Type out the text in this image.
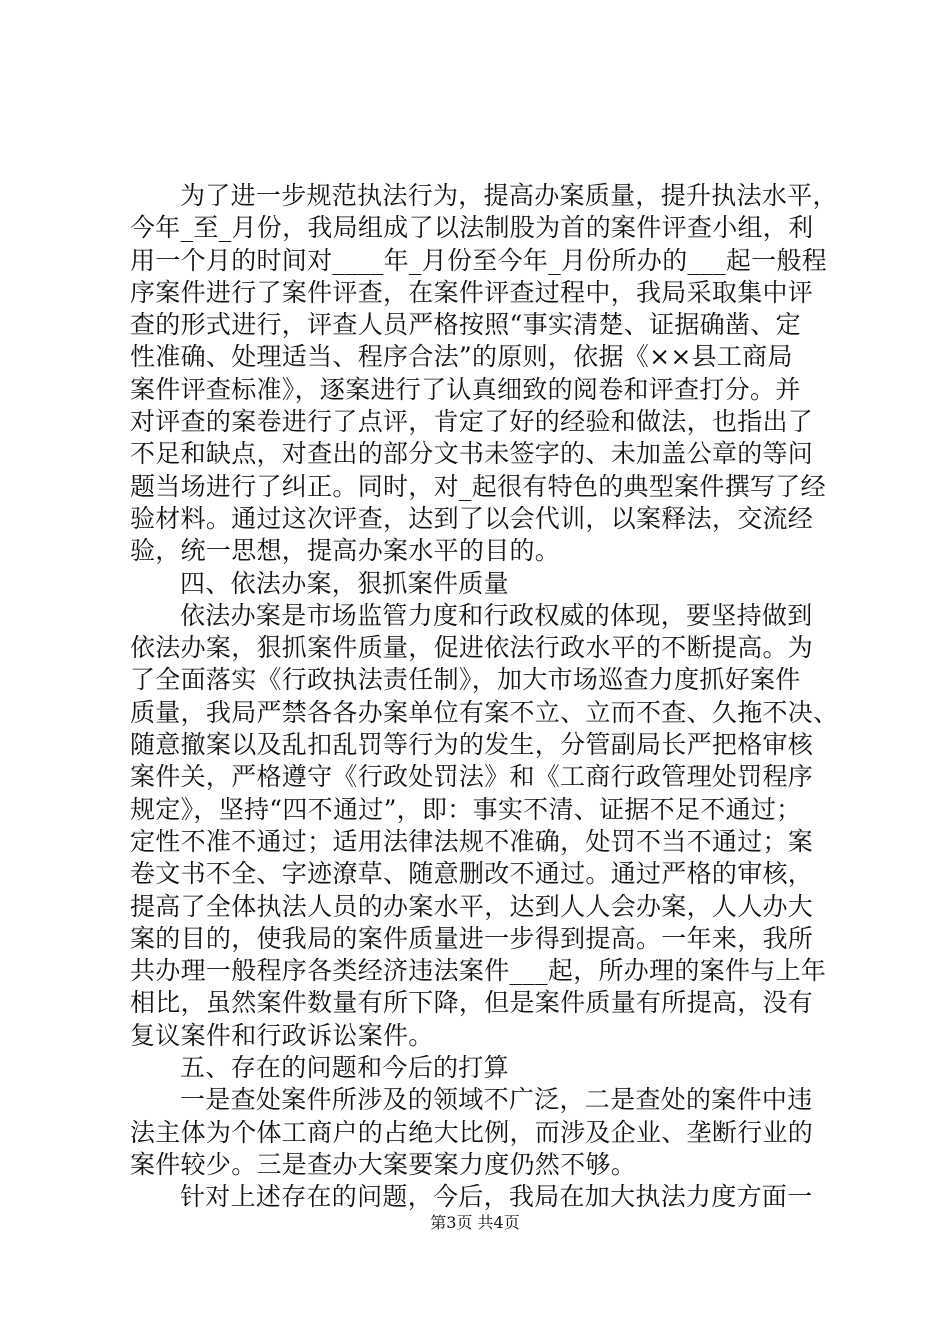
为了进一步规范执法行为，提高办案质量，提升执法水平，
今年_至_月份，我局组成了以法制股为首的案件评查小组，利
用一个月的时间对____年_月份至今年_月份所办的___起一般程
序案件进行了案件评查，在案件评查过程中，我局采取集中评
查的形式进行，评查人员严格按照“事实清楚、证据确凿、定
性准确、处理适当、程序合法”的原则，依据《××县工商局
案件评查标准》，逐案进行了认真细致的阅卷和评查打分。并
对评查的案卷进行了点评，肯定了好的经验和做法，也指出了
不足和缺点，对查出的部分文书未签字的、未加盖公章的等问
题当场进行了纠正。同时，对_起很有特色的典型案件撰写了经
验材料。通过这次评查，达到了以会代训，以案释法，交流经
验，统一思想，提高办案水平的目的。
四、依法办案，狠抓案件质量
依法办案是市场监管力度和行政权威的体现，要坚持做到
依法办案，狠抓案件质量，促进依法行政水平的不断提高。为
了全面落实《行政执法责任制》，加大市场巡查力度抓好案件
质量，我局严禁各各办案单位有案不立、立而不查、久拖不决、
随意撤案以及乱扣乱罚等行为的发生，分管副局长严把格审核
案件关，严格遵守《行政处罚法》和《工商行政管理处罚程序
规定》，坚持“四不通过”，即：事实不清、证据不足不通过；
定性不准不通过；适用法律法规不准确，处罚不当不通过；案
卷文书不全、字迹潦草、随意删改不通过。通过严格的审核，
提高了全体执法人员的办案水平，达到人人会办案，人人办大
案的目的，使我局的案件质量进一步得到提高。一年来，我所
共办理一般程序各类经济违法案件___起，所办理的案件与上年
相比，虽然案件数量有所下降，但是案件质量有所提高，没有
复议案件和行政诉讼案件。
五、存在的问题和今后的打算
一是查处案件所涉及的领域不广泛，二是查处的案件中违
法主体为个体工商户的占绝大比例，而涉及企业、垄断行业的
案件较少。三是查办大案要案力度仍然不够。
针对上述存在的问题，今后，我局在加大执法力度方面一
第3页 共4页
